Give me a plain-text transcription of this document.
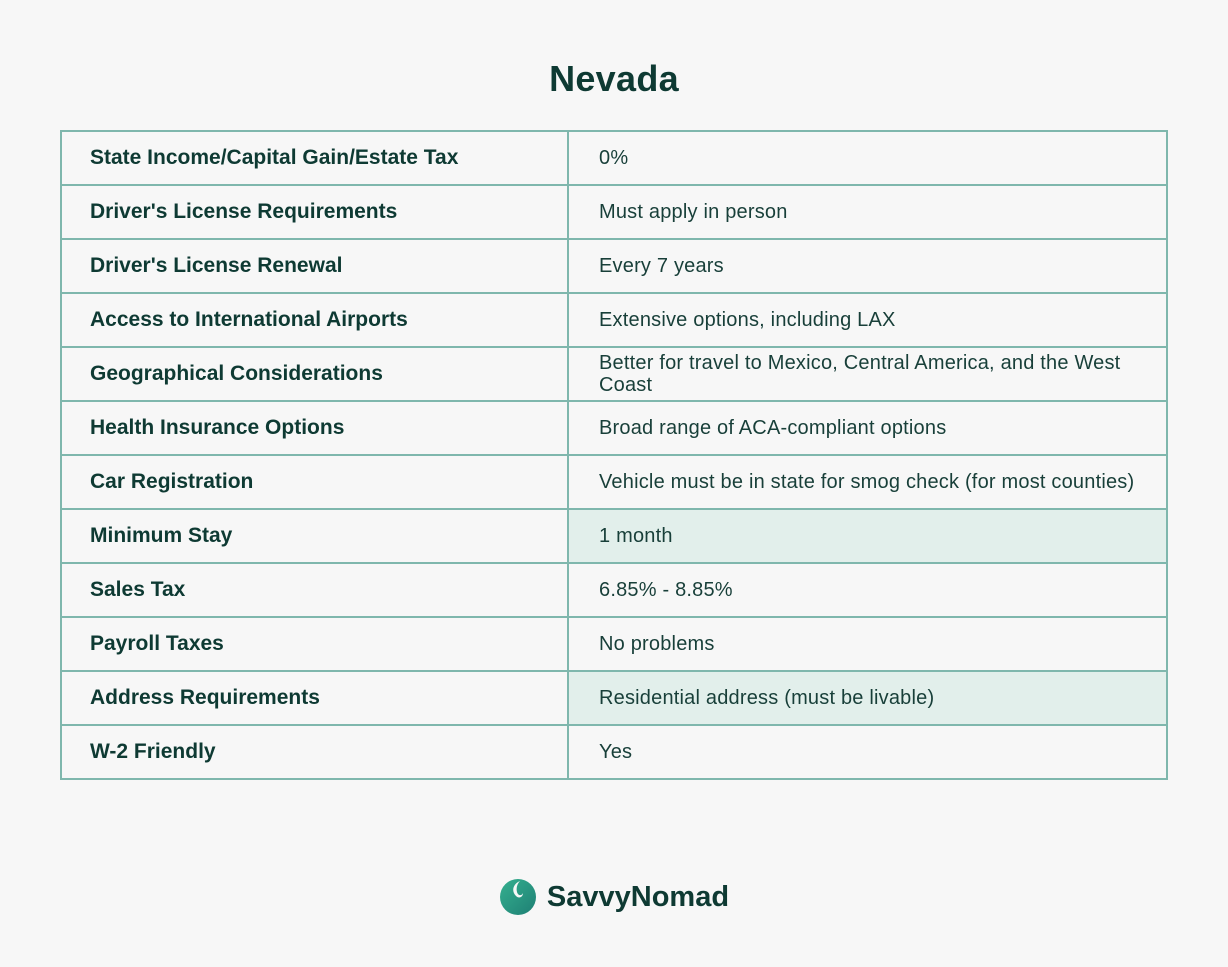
Nevada
State Income/Capital Gain/Estate Tax	0%
Driver's License Requirements	Must apply in person
Driver's License Renewal	Every 7 years
Access to International Airports	Extensive options, including LAX
Geographical Considerations	Better for travel to Mexico, Central America, and the West Coast
Health Insurance Options	Broad range of ACA-compliant options
Car Registration	Vehicle must be in state for smog check (for most counties)
Minimum Stay	1 month
Sales Tax	6.85% - 8.85%
Payroll Taxes	No problems
Address Requirements	Residential address (must be livable)
W-2 Friendly	Yes
SavvyNomad
